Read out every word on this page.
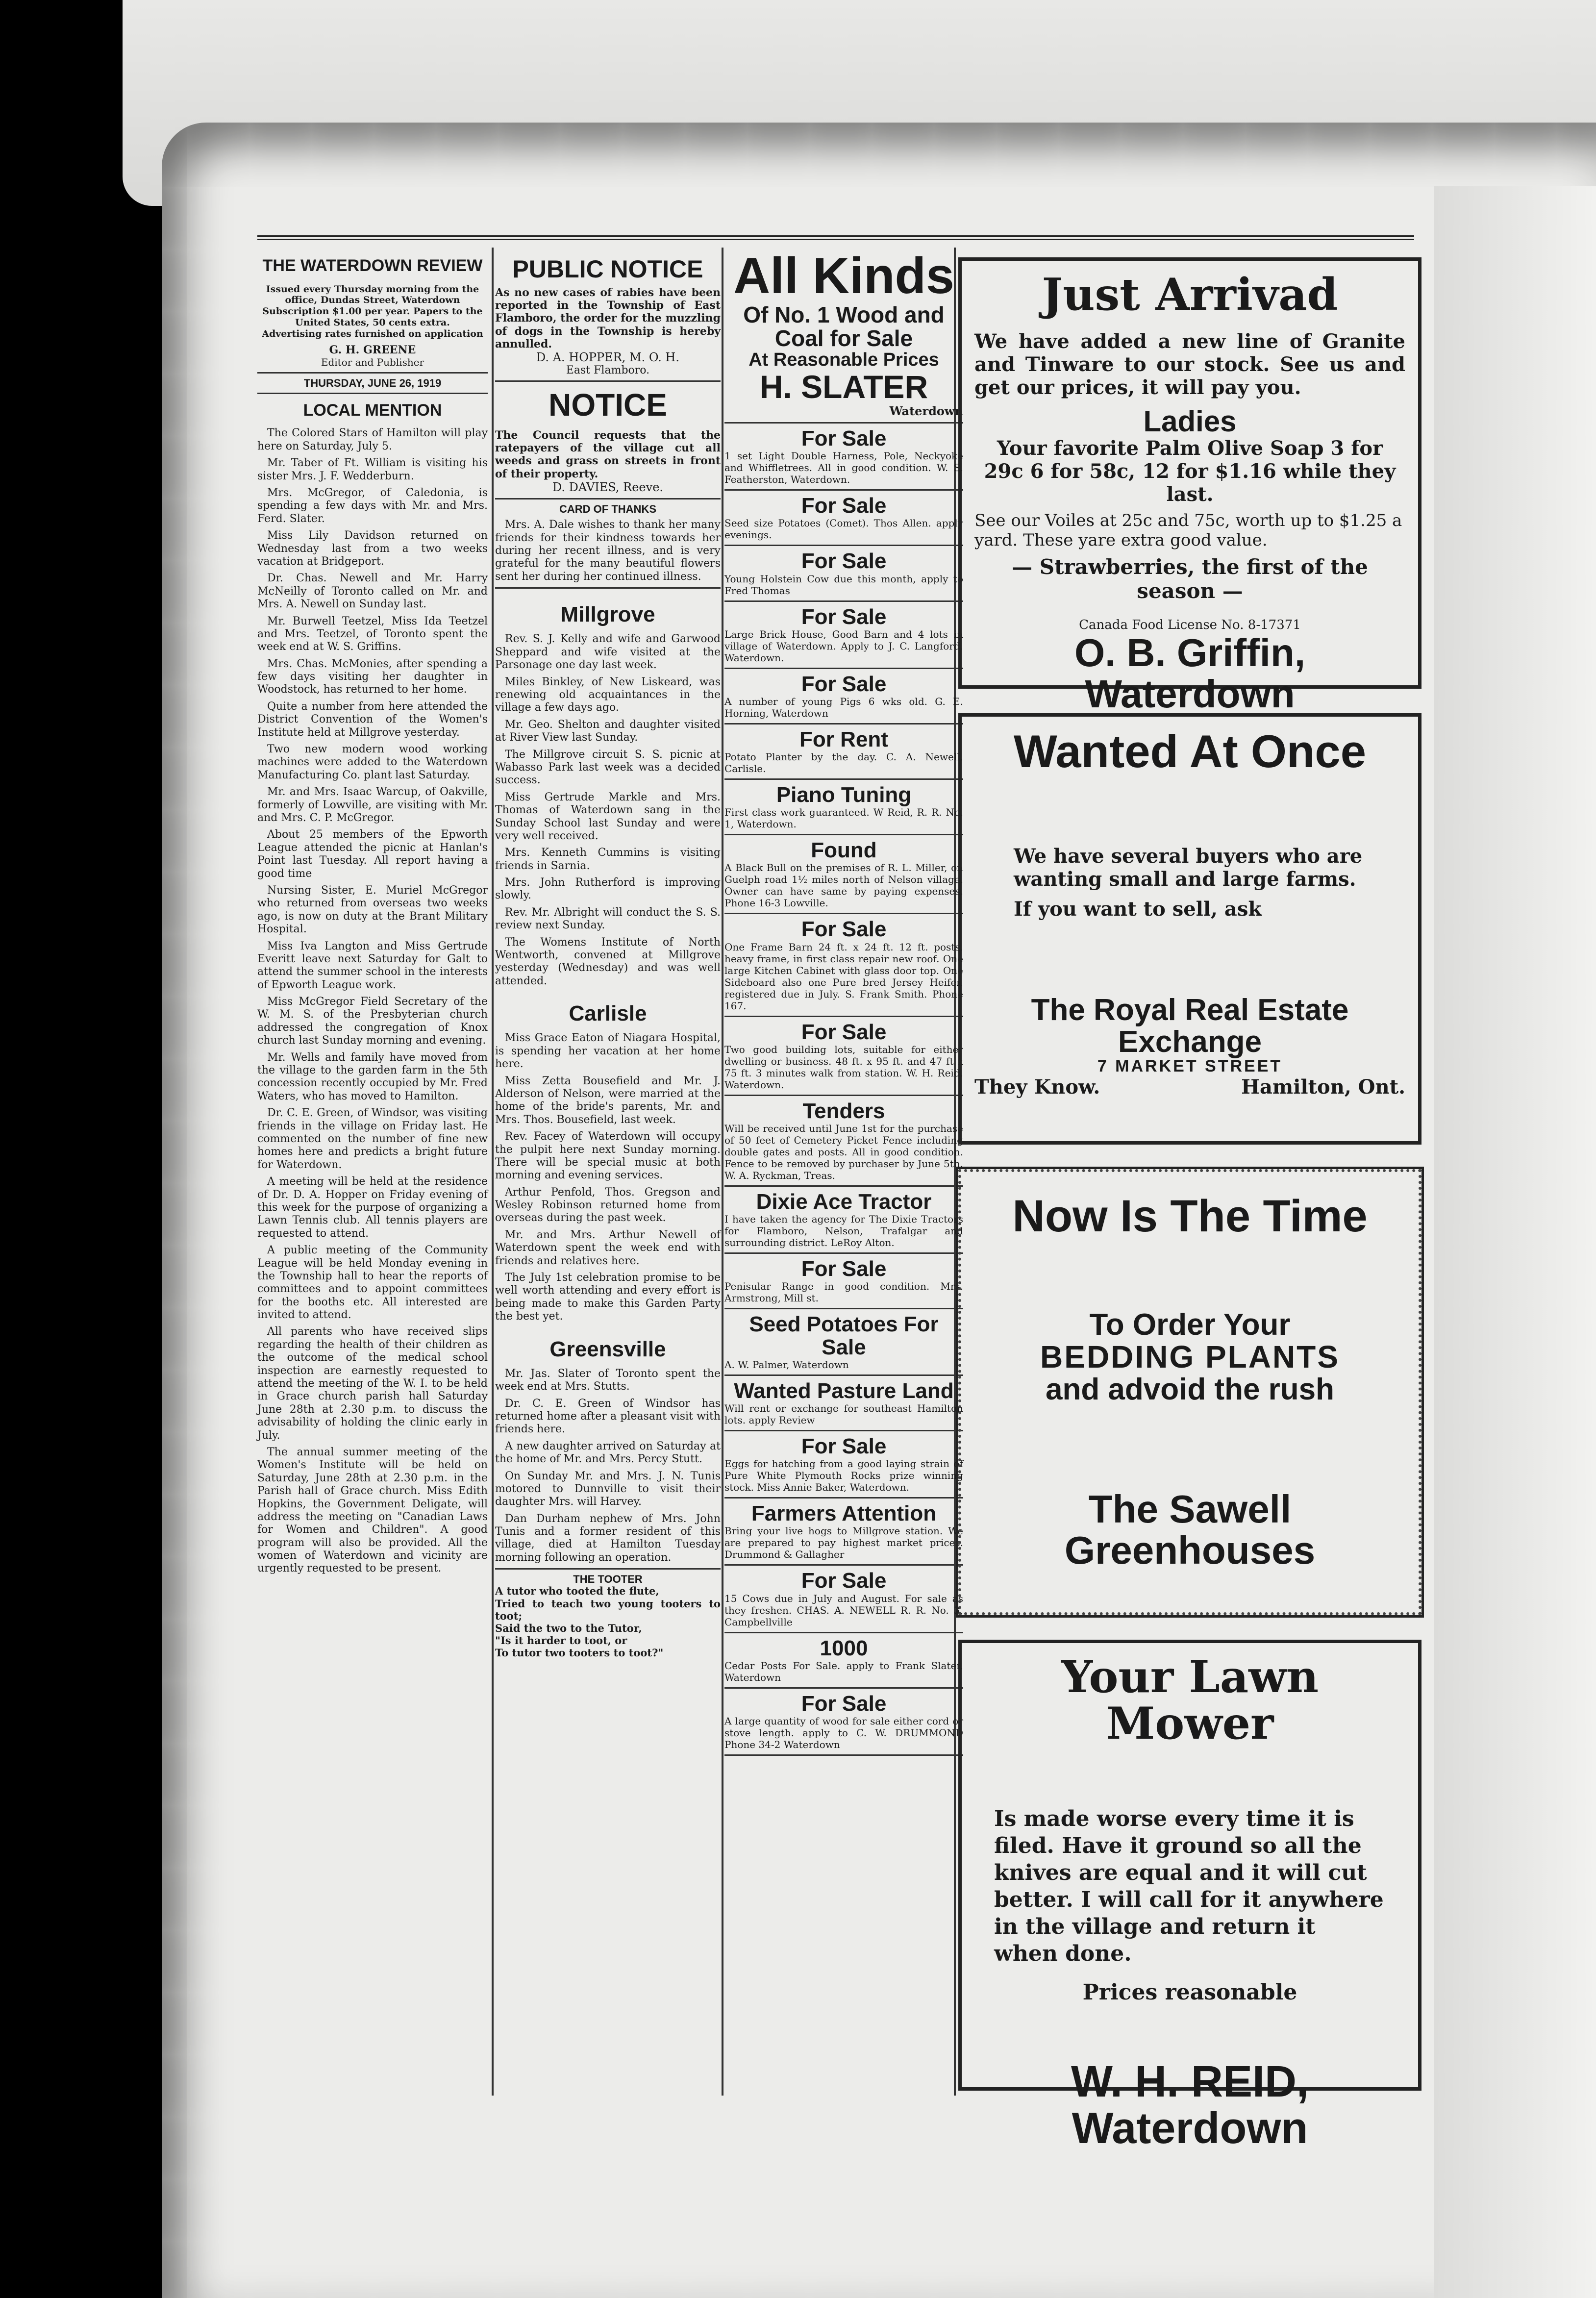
THE WATERDOWN REVIEW
Issued every Thursday morning from the office, Dundas Street, Waterdown
Subscription $1.00 per year. Papers to the United States, 50 cents extra.
Advertising rates furnished on application
G. H. GREENE
Editor and Publisher
THURSDAY, JUNE 26, 1919
LOCAL MENTION

The Colored Stars of Hamilton will play here on Saturday, July 5.

Mr. Taber of Ft. William is visiting his sister Mrs. J. F. Wedderburn.

Mrs. McGregor, of Caledonia, is spending a few days with Mr. and Mrs. Ferd. Slater.

Miss Lily Davidson returned on Wednesday last from a two weeks vacation at Bridgeport.

Dr. Chas. Newell and Mr. Harry McNeilly of Toronto called on Mr. and Mrs. A. Newell on Sunday last.

Mr. Burwell Teetzel, Miss Ida Teetzel and Mrs. Teetzel, of Toronto spent the week end at W. S. Griffins.

Mrs. Chas. McMonies, after spending a few days visiting her daughter in Woodstock, has returned to her home.

Quite a number from here attended the District Convention of the Women's Institute held at Millgrove yesterday.

Two new modern wood working machines were added to the Waterdown Manufacturing Co. plant last Saturday.

Mr. and Mrs. Isaac Warcup, of Oakville, formerly of Lowville, are visiting with Mr. and Mrs. C. P. McGregor.

About 25 members of the Epworth League attended the picnic at Hanlan's Point last Tuesday. All report having a good time

Nursing Sister, E. Muriel McGregor who returned from overseas two weeks ago, is now on duty at the Brant Military Hospital.

Miss Iva Langton and Miss Gertrude Everitt leave next Saturday for Galt to attend the summer school in the interests of Epworth League work.

Miss McGregor Field Secretary of the W. M. S. of the Presbyterian church addressed the congregation of Knox church last Sunday morning and evening.

Mr. Wells and family have moved from the village to the garden farm in the 5th concession recently occupied by Mr. Fred Waters, who has moved to Hamilton.

Dr. C. E. Green, of Windsor, was visiting friends in the village on Friday last. He commented on the number of fine new homes here and predicts a bright future for Waterdown.

A meeting will be held at the residence of Dr. D. A. Hopper on Friday evening of this week for the purpose of organizing a Lawn Tennis club. All tennis players are requested to attend.

A public meeting of the Community League will be held Monday evening in the Township hall to hear the reports of committees and to appoint committees for the booths etc. All interested are invited to attend.

All parents who have received slips regarding the health of their children as the outcome of the medical school inspection are earnestly requested to attend the meeting of the W. I. to be held in Grace church parish hall Saturday June 28th at 2.30 p.m. to discuss the advisability of holding the clinic early in July.

The annual summer meeting of the Women's Institute will be held on Saturday, June 28th at 2.30 p.m. in the Parish hall of Grace church. Miss Edith Hopkins, the Government Deligate, will address the meeting on "Canadian Laws for Women and Children". A good program will also be provided. All the women of Waterdown and vicinity are urgently requested to be present.

PUBLIC NOTICE
As no new cases of rabies have been reported in the Township of East Flamboro, the order for the muzzling of dogs in the Township is hereby annulled.
D. A. HOPPER, M. O. H.
East Flamboro.
NOTICE
The Council requests that the ratepayers of the village cut all weeds and grass on streets in front of their property.
D. DAVIES, Reeve.
CARD OF THANKS
Mrs. A. Dale wishes to thank her many friends for their kindness towards her during her recent illness, and is very grateful for the many beautiful flowers sent her during her continued illness.
Millgrove

Rev. S. J. Kelly and wife and Garwood Sheppard and wife visited at the Parsonage one day last week.

Miles Binkley, of New Liskeard, was renewing old acquaintances in the village a few days ago.

Mr. Geo. Shelton and daughter visited at River View last Sunday.

The Millgrove circuit S. S. picnic at Wabasso Park last week was a decided success.

Miss Gertrude Markle and Mrs. Thomas of Waterdown sang in the Sunday School last Sunday and were very well received.

Mrs. Kenneth Cummins is visiting friends in Sarnia.

Mrs. John Rutherford is improving slowly.

Rev. Mr. Albright will conduct the S. S. review next Sunday.

The Womens Institute of North Wentworth, convened at Millgrove yesterday (Wednesday) and was well attended.

Carlisle

Miss Grace Eaton of Niagara Hospital, is spending her vacation at her home here.

Miss Zetta Bousefield and Mr. J. Alderson of Nelson, were married at the home of the bride's parents, Mr. and Mrs. Thos. Bousefield, last week.

Rev. Facey of Waterdown will occupy the pulpit here next Sunday morning. There will be special music at both morning and evening services.

Arthur Penfold, Thos. Gregson and Wesley Robinson returned home from overseas during the past week.

Mr. and Mrs. Arthur Newell of Waterdown spent the week end with friends and relatives here.

The July 1st celebration promise to be well worth attending and every effort is being made to make this Garden Party the best yet.

Greensville

Mr. Jas. Slater of Toronto spent the week end at Mrs. Stutts.

Dr. C. E. Green of Windsor has returned home after a pleasant visit with friends here.

A new daughter arrived on Saturday at the home of Mr. and Mrs. Percy Stutt.

On Sunday Mr. and Mrs. J. N. Tunis motored to Dunnville to visit their daughter Mrs. will Harvey.

Dan Durham nephew of Mrs. John Tunis and a former resident of this village, died at Hamilton Tuesday morning following an operation.

THE TOOTER
A tutor who tooted the flute,
Tried to teach two young tooters to toot;
Said the two to the Tutor,
"Is it harder to toot, or
To tutor two tooters to toot?"
All Kinds
Of No. 1 Wood and
Coal for Sale
At Reasonable Prices
H. SLATER
Waterdown
For Sale
1 set Light Double Harness, Pole, Neckyoke and Whiffletrees. All in good condition. W. S. Featherston, Waterdown.
For Sale
Seed size Potatoes (Comet). Thos Allen. apply evenings.
For Sale
Young Holstein Cow due this month, apply to Fred Thomas
For Sale
Large Brick House, Good Barn and 4 lots in village of Waterdown. Apply to J. C. Langford, Waterdown.
For Sale
A number of young Pigs 6 wks old. G. E. Horning, Waterdown
For Rent
Potato Planter by the day. C. A. Newell, Carlisle.
Piano Tuning
First class work guaranteed. W Reid, R. R. No. 1, Waterdown.
Found
A Black Bull on the premises of R. L. Miller, on Guelph road 1½ miles north of Nelson village. Owner can have same by paying expenses. Phone 16-3 Lowville.
For Sale
One Frame Barn 24 ft. x 24 ft. 12 ft. posts, heavy frame, in first class repair new roof. One large Kitchen Cabinet with glass door top. One Sideboard also one Pure bred Jersey Heifer, registered due in July. S. Frank Smith. Phone 167.
For Sale
Two good building lots, suitable for either dwelling or business. 48 ft. x 95 ft. and 47 ft x 75 ft. 3 minutes walk from station. W. H. Reid, Waterdown.
Tenders
Will be received until June 1st for the purchase of 50 feet of Cemetery Picket Fence including double gates and posts. All in good condition. Fence to be removed by purchaser by June 5th. W. A. Ryckman, Treas.
Dixie Ace Tractor
I have taken the agency for The Dixie Tractors for Flamboro, Nelson, Trafalgar and surrounding district. LeRoy Alton.
For Sale
Penisular Range in good condition. Mrs. Armstrong, Mill st.
Seed Potatoes For Sale
A. W. Palmer, Waterdown
Wanted Pasture Land
Will rent or exchange for southeast Hamilton lots. apply Review
For Sale
Eggs for hatching from a good laying strain of Pure White Plymouth Rocks prize winning stock. Miss Annie Baker, Waterdown.
Farmers Attention
Bring your live hogs to Millgrove station. We are prepared to pay highest market prices. Drummond & Gallagher
For Sale
15 Cows due in July and August. For sale as they freshen. CHAS. A. NEWELL R. R. No. 3, Campbellville
1000
Cedar Posts For Sale. apply to Frank Slater, Waterdown
For Sale
A large quantity of wood for sale either cord or stove length. apply to C. W. DRUMMOND Phone 34-2 Waterdown
Just Arrivad
We have added a new line of Granite and Tinware to our stock. See us and get our prices, it will pay you.
Ladies
Your favorite Palm Olive Soap 3 for 29c 6 for 58c, 12 for $1.16 while they last.
See our Voiles at 25c and 75c, worth up to $1.25 a yard. These yare extra good value.
— Strawberries, the first of the season —
Canada Food License No. 8-17371
O. B. Griffin, Waterdown
Wanted At Once
We have several buyers who are wanting small and large farms.
If you want to sell, ask
The Royal Real Estate Exchange
7 MARKET STREET
They Know.	Hamilton, Ont.
Now Is The Time
To Order Your
BEDDING PLANTS
and advoid the rush
The Sawell Greenhouses
Your Lawn Mower
Is made worse every time it is filed. Have it ground so all the knives are equal and it will cut better. I will call for it anywhere in the village and return it when done.
Prices reasonable
W. H. REID, Waterdown
